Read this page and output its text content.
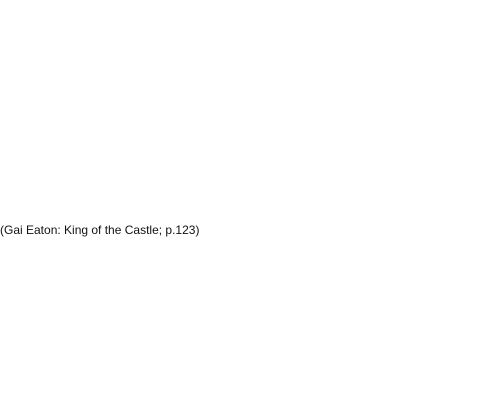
(Gai Eaton: King of the Castle; p.123)
